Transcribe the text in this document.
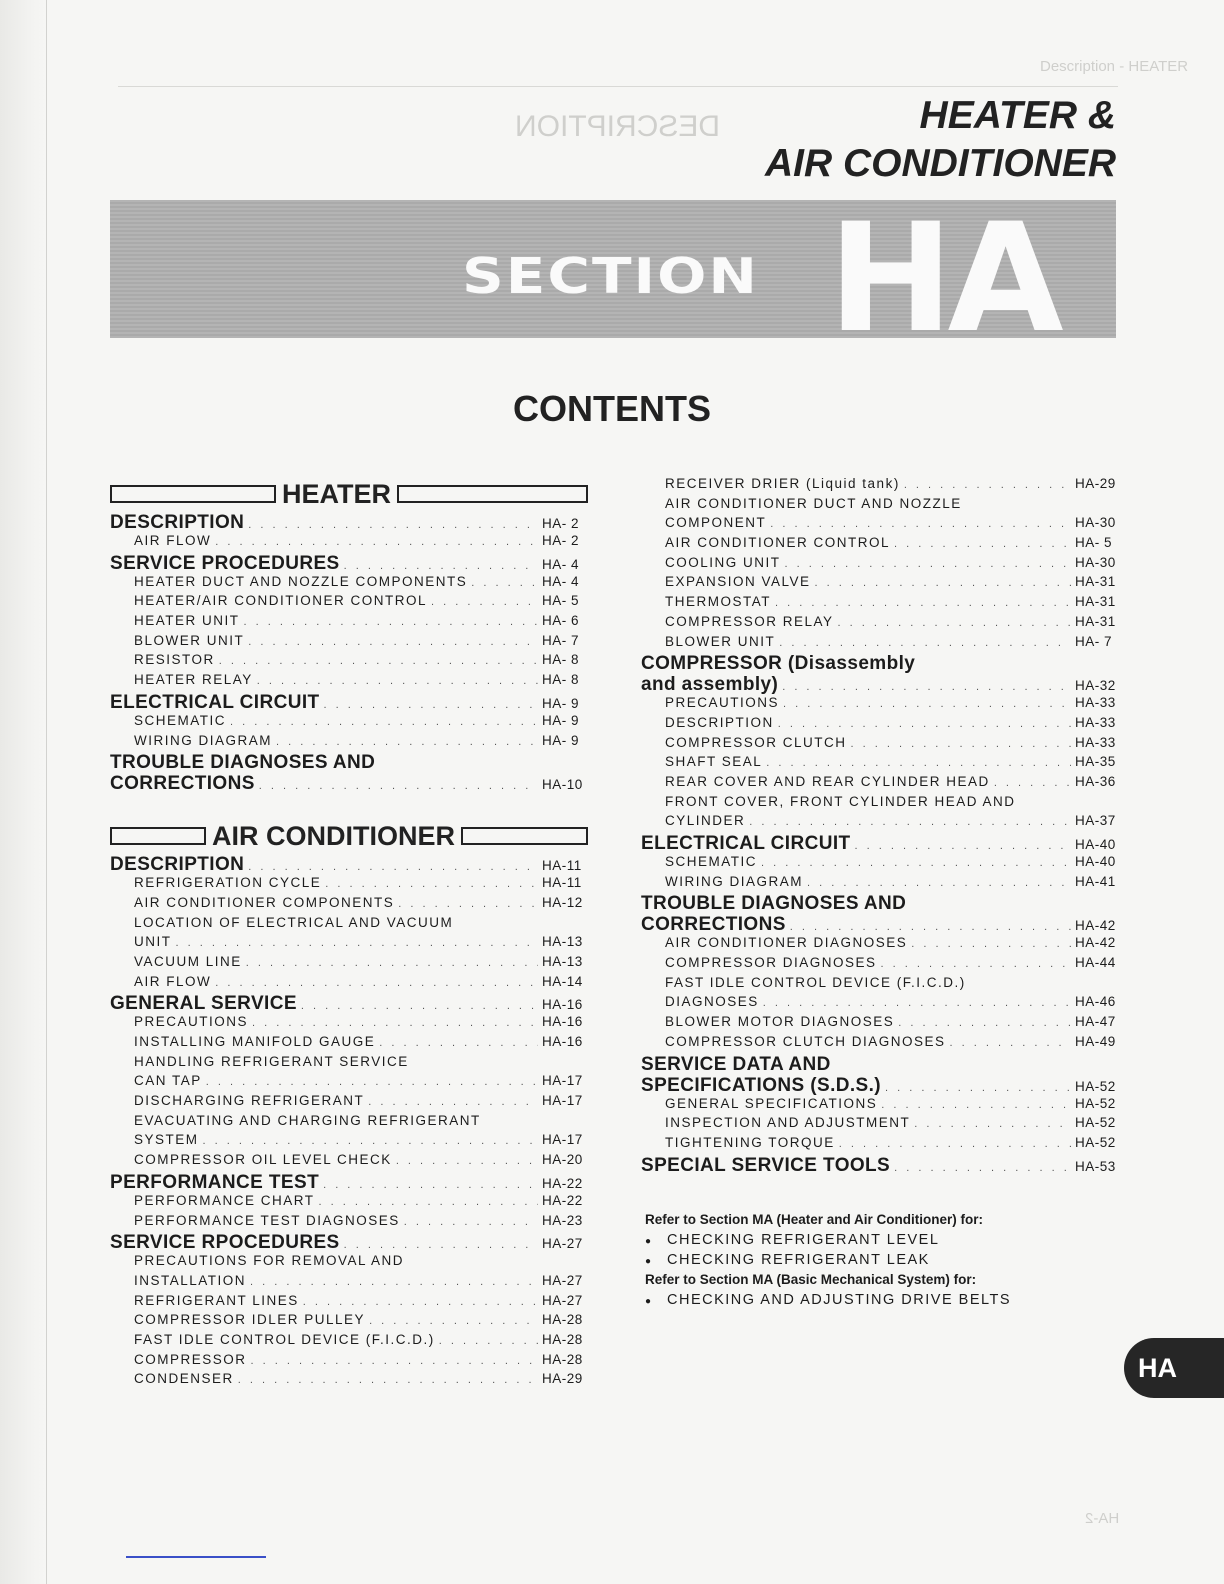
Description - HEATER
DESCRIPTION
HA-2
HEATER &
AIR CONDITIONER
SECTION HA
CONTENTS
HEATER
DESCRIPTION . . .	HA- 2
AIR FLOW . . .	HA- 2
SERVICE PROCEDURES . . .	HA- 4
HEATER DUCT AND NOZZLE COMPONENTS . . .	HA- 4
HEATER/AIR CONDITIONER CONTROL . . .	HA- 5
HEATER UNIT . . .	HA- 6
BLOWER UNIT . . .	HA- 7
RESISTOR . . .	HA- 8
HEATER RELAY . . .	HA- 8
ELECTRICAL CIRCUIT . . .	HA- 9
SCHEMATIC . . .	HA- 9
WIRING DIAGRAM . . .	HA- 9
TROUBLE DIAGNOSES AND
CORRECTIONS . . .	HA-10
AIR CONDITIONER
DESCRIPTION . . .	HA-11
REFRIGERATION CYCLE . . .	HA-11
AIR CONDITIONER COMPONENTS . . .	HA-12
LOCATION OF ELECTRICAL AND VACUUM
UNIT . . .	HA-13
VACUUM LINE . . .	HA-13
AIR FLOW . . .	HA-14
GENERAL SERVICE . . .	HA-16
PRECAUTIONS . . .	HA-16
INSTALLING MANIFOLD GAUGE . . .	HA-16
HANDLING REFRIGERANT SERVICE
CAN TAP . . .	HA-17
DISCHARGING REFRIGERANT . . .	HA-17
EVACUATING AND CHARGING REFRIGERANT
SYSTEM . . .	HA-17
COMPRESSOR OIL LEVEL CHECK . . .	HA-20
PERFORMANCE TEST . . .	HA-22
PERFORMANCE CHART . . .	HA-22
PERFORMANCE TEST DIAGNOSES . . .	HA-23
SERVICE RPOCEDURES . . .	HA-27
PRECAUTIONS FOR REMOVAL AND
INSTALLATION . . .	HA-27
REFRIGERANT LINES . . .	HA-27
COMPRESSOR IDLER PULLEY . . .	HA-28
FAST IDLE CONTROL DEVICE (F.I.C.D.) . . .	HA-28
COMPRESSOR . . .	HA-28
CONDENSER . . .	HA-29
RECEIVER DRIER (Liquid tank) . . .	HA-29
AIR CONDITIONER DUCT AND NOZZLE
COMPONENT . . .	HA-30
AIR CONDITIONER CONTROL . . .	HA- 5
COOLING UNIT . . .	HA-30
EXPANSION VALVE . . .	HA-31
THERMOSTAT . . .	HA-31
COMPRESSOR RELAY . . .	HA-31
BLOWER UNIT . . .	HA- 7
COMPRESSOR (Disassembly
and assembly) . . .	HA-32
PRECAUTIONS . . .	HA-33
DESCRIPTION . . .	HA-33
COMPRESSOR CLUTCH . . .	HA-33
SHAFT SEAL . . .	HA-35
REAR COVER AND REAR CYLINDER HEAD . . .	HA-36
FRONT COVER, FRONT CYLINDER HEAD AND
CYLINDER . . .	HA-37
ELECTRICAL CIRCUIT . . .	HA-40
SCHEMATIC . . .	HA-40
WIRING DIAGRAM . . .	HA-41
TROUBLE DIAGNOSES AND
CORRECTIONS . . .	HA-42
AIR CONDITIONER DIAGNOSES . . .	HA-42
COMPRESSOR DIAGNOSES . . .	HA-44
FAST IDLE CONTROL DEVICE (F.I.C.D.)
DIAGNOSES . . .	HA-46
BLOWER MOTOR DIAGNOSES . . .	HA-47
COMPRESSOR CLUTCH DIAGNOSES . . .	HA-49
SERVICE DATA AND
SPECIFICATIONS (S.D.S.) . . .	HA-52
GENERAL SPECIFICATIONS . . .	HA-52
INSPECTION AND ADJUSTMENT . . .	HA-52
TIGHTENING TORQUE . . .	HA-52
SPECIAL SERVICE TOOLS . . .	HA-53
Refer to Section MA (Heater and Air Conditioner) for:
● CHECKING REFRIGERANT LEVEL
● CHECKING REFRIGERANT LEAK
Refer to Section MA (Basic Mechanical System) for:
● CHECKING AND ADJUSTING DRIVE BELTS
HA
